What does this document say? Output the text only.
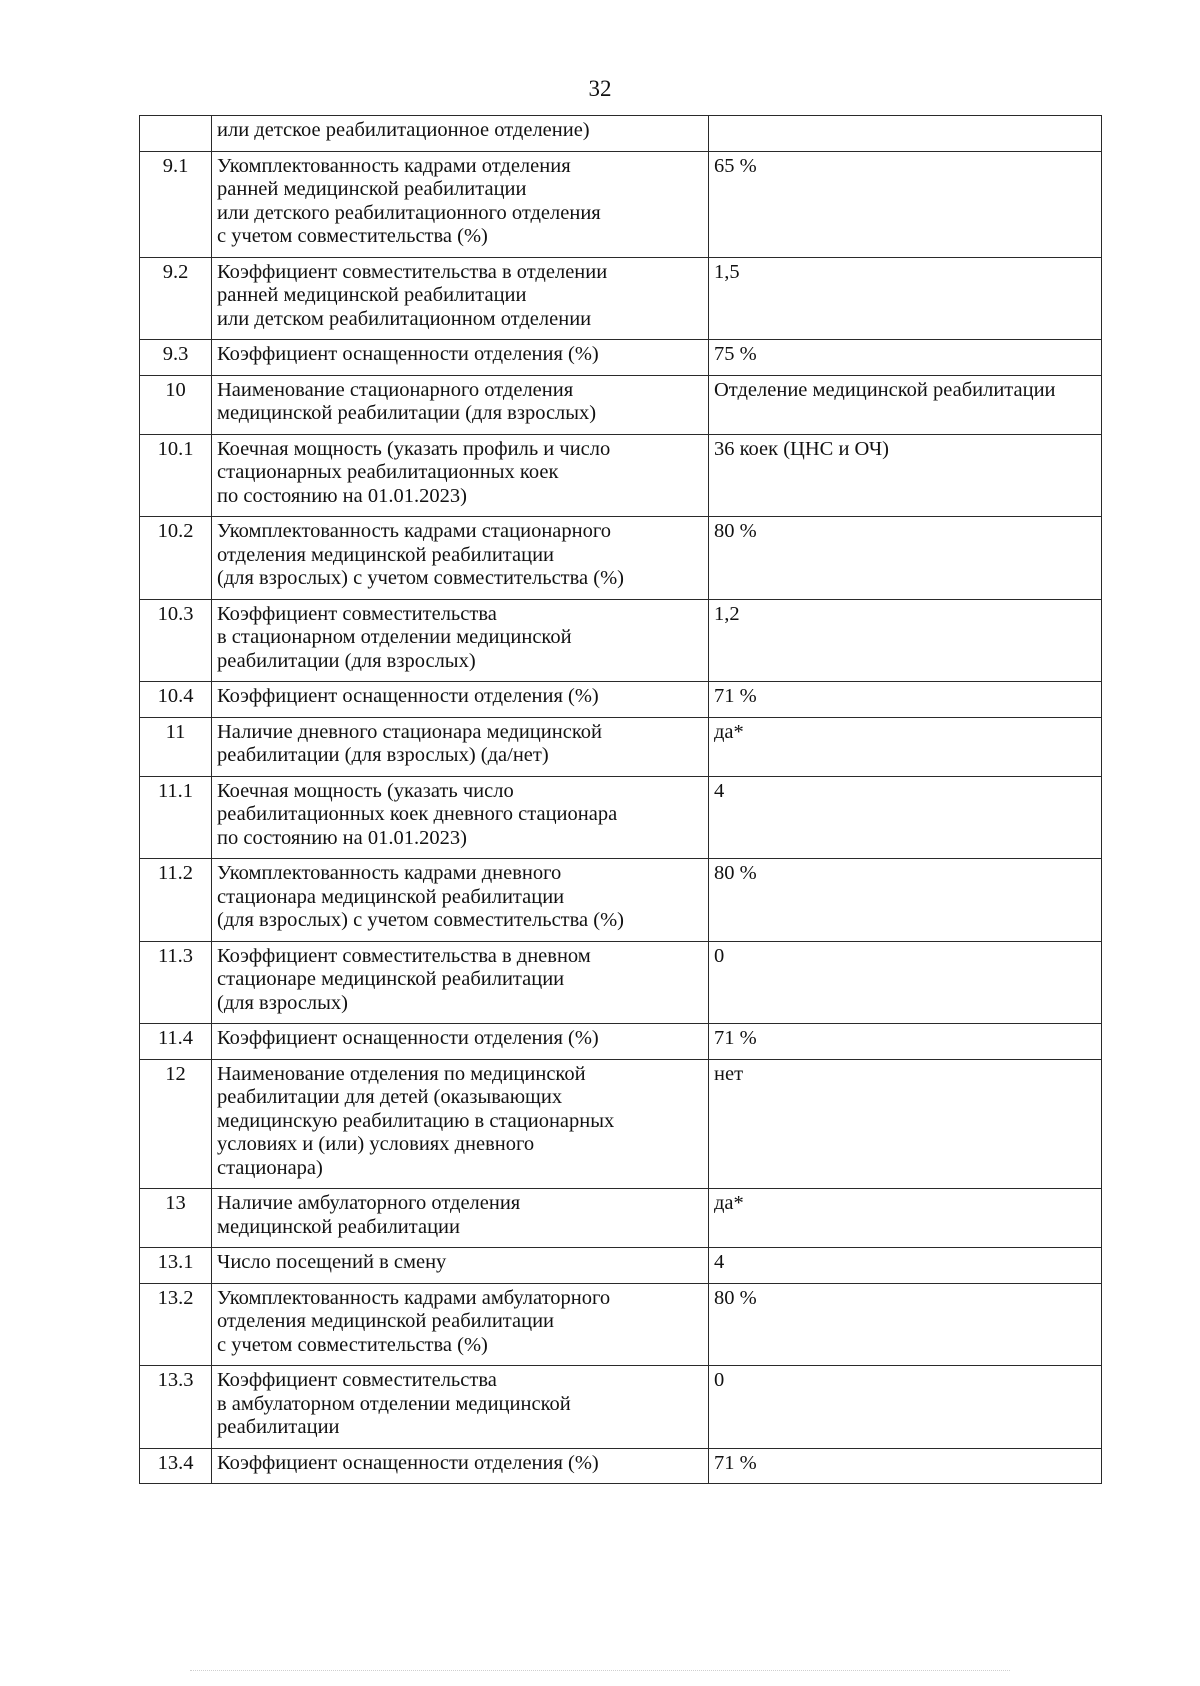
32
	или детское реабилитационное отделение)	
9.1	Укомплектованность кадрами отделения
ранней медицинской реабилитации
или детского реабилитационного отделения
с учетом совместительства (%)	65 %
9.2	Коэффициент совместительства в отделении
ранней медицинской реабилитации
или детском реабилитационном отделении	1,5
9.3	Коэффициент оснащенности отделения (%)	75 %
10	Наименование стационарного отделения
медицинской реабилитации (для взрослых)	Отделение медицинской реабилитации
10.1	Коечная мощность (указать профиль и число
стационарных реабилитационных коек
по состоянию на 01.01.2023)	36 коек (ЦНС и ОЧ)
10.2	Укомплектованность кадрами стационарного
отделения медицинской реабилитации
(для взрослых) с учетом совместительства (%)	80 %
10.3	Коэффициент совместительства
в стационарном отделении медицинской
реабилитации (для взрослых)	1,2
10.4	Коэффициент оснащенности отделения (%)	71 %
11	Наличие дневного стационара медицинской
реабилитации (для взрослых) (да/нет)	да*
11.1	Коечная мощность (указать число
реабилитационных коек дневного стационара
по состоянию на 01.01.2023)	4
11.2	Укомплектованность кадрами дневного
стационара медицинской реабилитации
(для взрослых) с учетом совместительства (%)	80 %
11.3	Коэффициент совместительства в дневном
стационаре медицинской реабилитации
(для взрослых)	0
11.4	Коэффициент оснащенности отделения (%)	71 %
12	Наименование отделения по медицинской
реабилитации для детей (оказывающих
медицинскую реабилитацию в стационарных
условиях и (или) условиях дневного
стационара)	нет
13	Наличие амбулаторного отделения
медицинской реабилитации	да*
13.1	Число посещений в смену	4
13.2	Укомплектованность кадрами амбулаторного
отделения медицинской реабилитации
с учетом совместительства (%)	80 %
13.3	Коэффициент совместительства
в амбулаторном отделении медицинской
реабилитации	0
13.4	Коэффициент оснащенности отделения (%)	71 %
